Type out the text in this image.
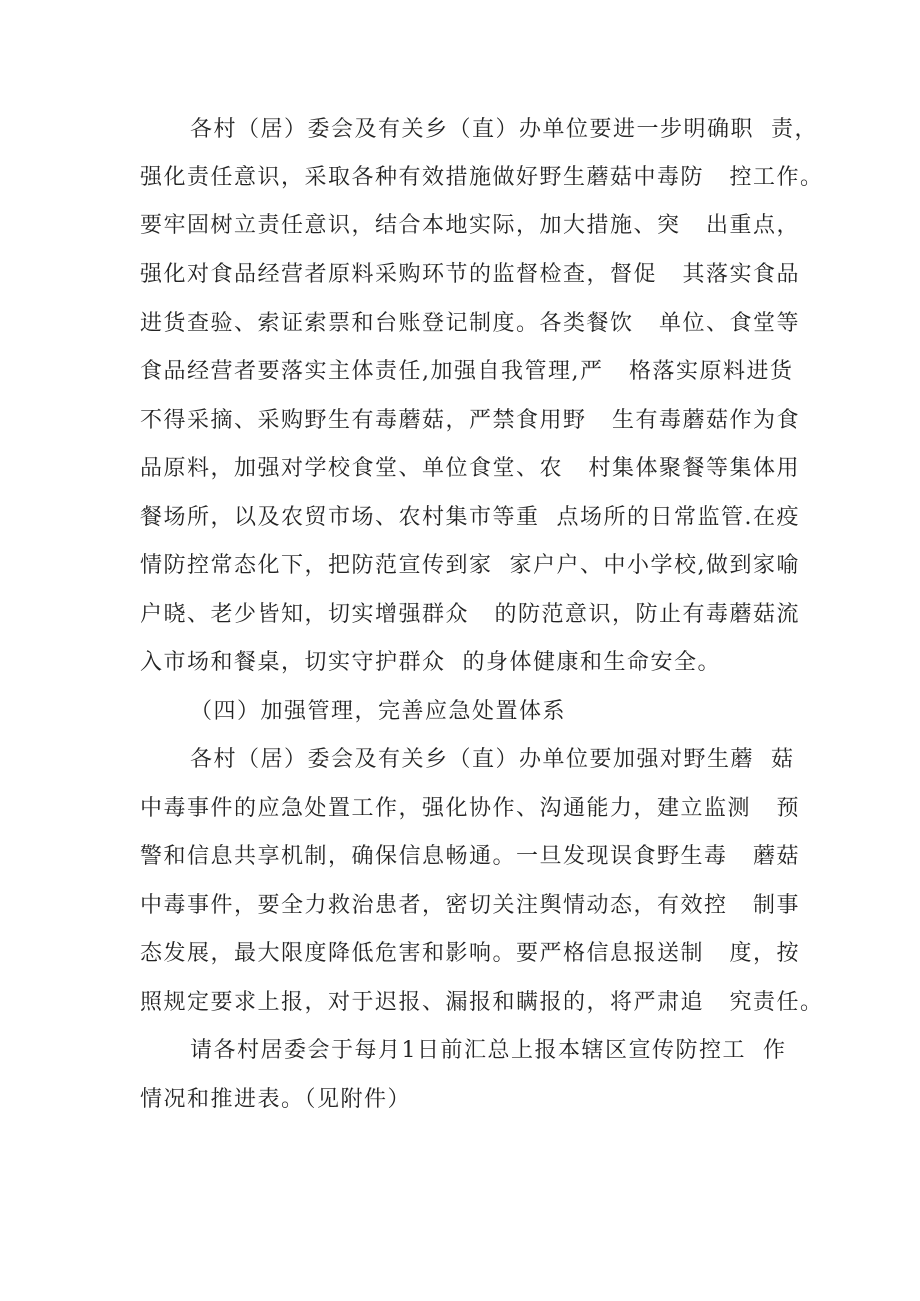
各村（居）委会及有关乡（直）办单位要进一步明确职  责，
强化责任意识，采取各种有效措施做好野生蘑菇中毒防   控工作。
要牢固树立责任意识，结合本地实际，加大措施、突   出重点，
强化对食品经营者原料采购环节的监督检查，督促   其落实食品
进货查验、索证索票和台账登记制度。各类餐饮   单位、食堂等
食品经营者要落实主体责任,加强自我管理,严   格落实原料进货
不得采摘、采购野生有毒蘑菇，严禁食用野   生有毒蘑菇作为食
品原料，加强对学校食堂、单位食堂、农   村集体聚餐等集体用
餐场所，以及农贸市场、农村集市等重  点场所的日常监管.在疫
情防控常态化下，把防范宣传到家  家户户、中小学校,做到家喻
户晓、老少皆知，切实增强群众   的防范意识，防止有毒蘑菇流
入市场和餐桌，切实守护群众  的身体健康和生命安全。
（四）加强管理，完善应急处置体系
各村（居）委会及有关乡（直）办单位要加强对野生蘑  菇
中毒事件的应急处置工作，强化协作、沟通能力，建立监测   预
警和信息共享机制，确保信息畅通。一旦发现误食野生毒   蘑菇
中毒事件，要全力救治患者，密切关注舆情动态，有效控   制事
态发展，最大限度降低危害和影响。要严格信息报送制   度，按
照规定要求上报，对于迟报、漏报和瞒报的，将严肃追   究责任。
请各村居委会于每月1日前汇总上报本辖区宣传防控工  作
情况和推进表。（见附件）
